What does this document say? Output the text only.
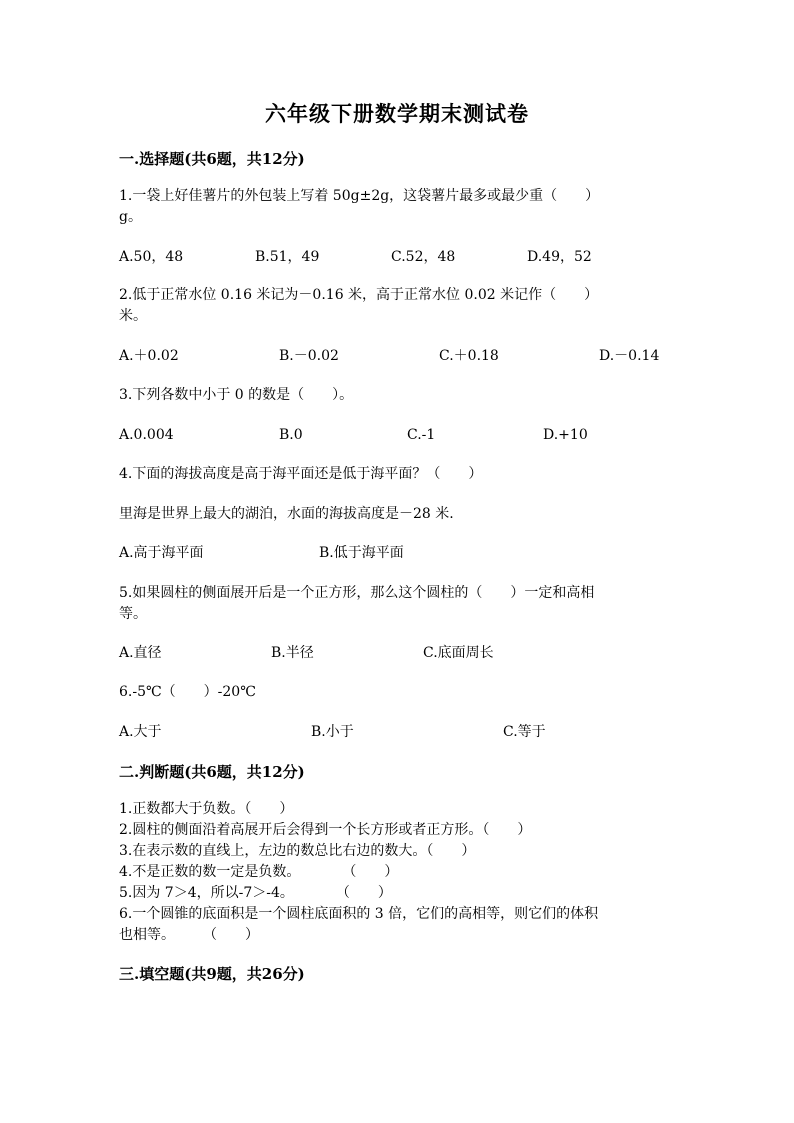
六年级下册数学期末测试卷
一.选择题(共6题，共12分)
1.一袋上好佳薯片的外包装上写着 50g±2g，这袋薯片最多或最少重（　　）
g。
A.50，48	B.51，49	C.52，48	D.49，52
2.低于正常水位 0.16 米记为－0.16 米，高于正常水位 0.02 米记作（　　）
米。
A.＋0.02	B.－0.02	C.＋0.18	D.－0.14
3.下列各数中小于 0 的数是（　　）。
A.0.004	B.0	C.-1	D.+10
4.下面的海拔高度是高于海平面还是低于海平面？（　　）
里海是世界上最大的湖泊，水面的海拔高度是－28 米.
A.高于海平面	B.低于海平面
5.如果圆柱的侧面展开后是一个正方形，那么这个圆柱的（　　）一定和高相
等。
A.直径	B.半径	C.底面周长
6.-5℃（　　）-20℃
A.大于	B.小于	C.等于
二.判断题(共6题，共12分)
1.正数都大于负数。（　　）
2.圆柱的侧面沿着高展开后会得到一个长方形或者正方形。（　　）
3.在表示数的直线上，左边的数总比右边的数大。（　　）
4.不是正数的数一定是负数。　　　　（　　）
5.因为 7＞4，所以-7＞-4。　　　　（　　）
6.一个圆锥的底面积是一个圆柱底面积的 3 倍，它们的高相等，则它们的体积
也相等。　　　（　　）
三.填空题(共9题，共26分)
